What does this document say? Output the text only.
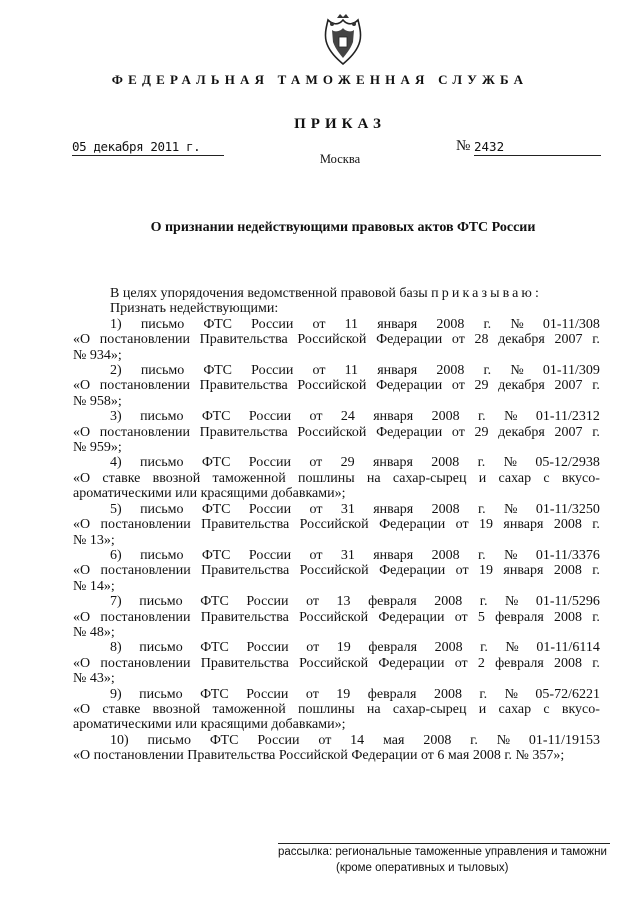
ФЕДЕРАЛЬНАЯ ТАМОЖЕННАЯ СЛУЖБА
ПРИКАЗ
05 декабря 2011 г.	№ 2432
Москва
О признании недействующими правовых актов ФТС России
В целях упорядочения ведомственной правовой базы приказываю:
Признать недействующими:
1) письмо ФТС России от 11 января 2008 г. № 01-11/308
«О постановлении Правительства Российской Федерации от 28 декабря 2007 г.
№ 934»;
2) письмо ФТС России от 11 января 2008 г. № 01-11/309
«О постановлении Правительства Российской Федерации от 29 декабря 2007 г.
№ 958»;
3) письмо ФТС России от 24 января 2008 г. № 01-11/2312
«О постановлении Правительства Российской Федерации от 29 декабря 2007 г.
№ 959»;
4) письмо ФТС России от 29 января 2008 г. № 05-12/2938
«О ставке ввозной таможенной пошлины на сахар-сырец и сахар с вкусо-
ароматическими или красящими добавками»;
5) письмо ФТС России от 31 января 2008 г. № 01-11/3250
«О постановлении Правительства Российской Федерации от 19 января 2008 г.
№ 13»;
6) письмо ФТС России от 31 января 2008 г. № 01-11/3376
«О постановлении Правительства Российской Федерации от 19 января 2008 г.
№ 14»;
7) письмо ФТС России от 13 февраля 2008 г. № 01-11/5296
«О постановлении Правительства Российской Федерации от 5 февраля 2008 г.
№ 48»;
8) письмо ФТС России от 19 февраля 2008 г. № 01-11/6114
«О постановлении Правительства Российской Федерации от 2 февраля 2008 г.
№ 43»;
9) письмо ФТС России от 19 февраля 2008 г. № 05-72/6221
«О ставке ввозной таможенной пошлины на сахар-сырец и сахар с вкусо-
ароматическими или красящими добавками»;
10) письмо ФТС России от 14 мая 2008 г. № 01-11/19153
«О постановлении Правительства Российской Федерации от 6 мая 2008 г. № 357»;
рассылка: региональные таможенные управления и таможни
(кроме оперативных и тыловых)
